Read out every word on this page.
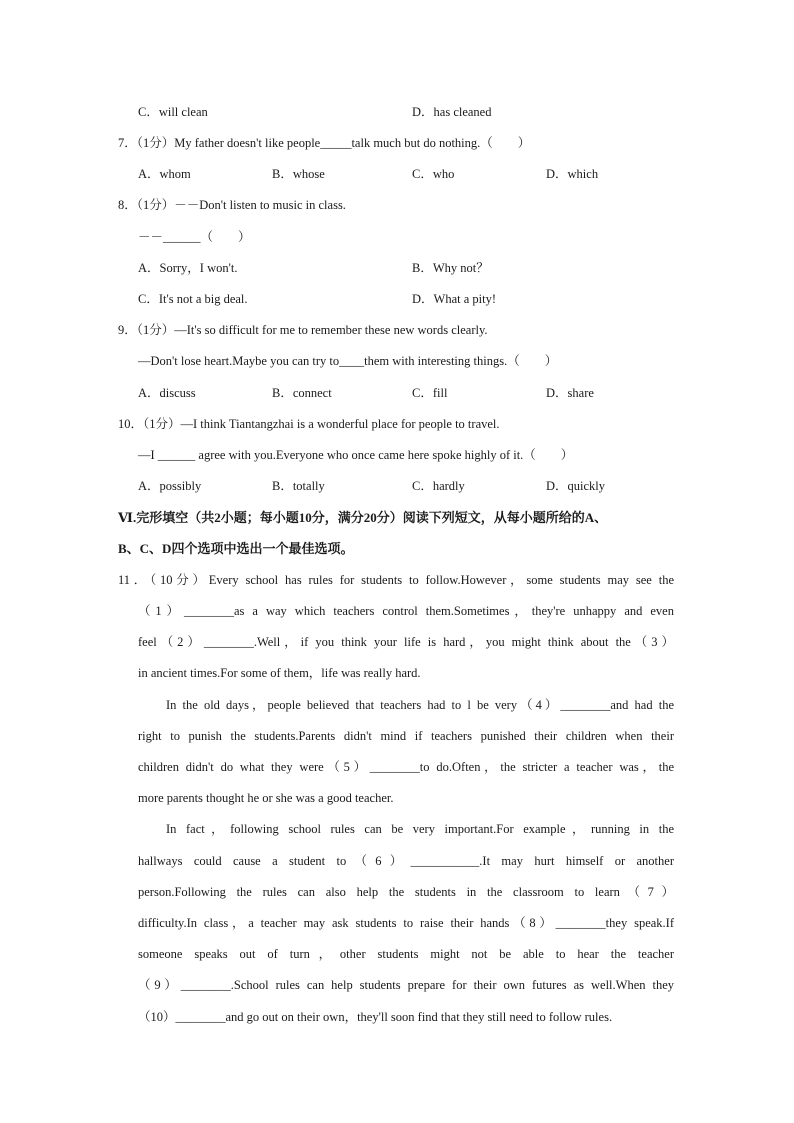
C．will clean	D．has cleaned
7．（1分）My father doesn't like people_____talk much but do nothing.（　　）
A．whom	B．whose	C．who	D．which
8．（1分）－－Don't listen to music in class.
－－______（　　）
A．Sorry，I won't.	B．Why not？
C．It's not a big deal.	D．What a pity!
9．（1分）—It's so difficult for me to remember these new words clearly.
—Don't lose heart.Maybe you can try to____them with interesting things.（　　）
A．discuss	B．connect	C．fill	D．share
10．（1分）—I think Tiantangzhai is a wonderful place for people to travel.
—I ______ agree with you.Everyone who once came here spoke highly of it.（　　）
A．possibly	B．totally	C．hardly	D．quickly
Ⅵ.完形填空（共2小题；每小题10分，满分20分）阅读下列短文，从每小题所给的A、
B、C、D四个选项中选出一个最佳选项。
11．（10分）Every school has rules for students to follow.However，some students may see the
（1）________as a way which teachers control them.Sometimes，they're unhappy and even
feel（2）________.Well，if you think your life is hard，you might think about the（3）
in ancient times.For some of them，life was really hard.
In the old days，people believed that teachers had to l be very（4）________and had the
right to punish the students.Parents didn't mind if teachers punished their children when their
children didn't do what they were（5）________to do.Often，the stricter a teacher was，the
more parents thought he or she was a good teacher.
In fact，following school rules can be very important.For example，running in the
hallways could cause a student to（6）___________.It may hurt himself or another
person.Following the rules can also help the students in the classroom to learn（7）
difficulty.In class，a teacher may ask students to raise their hands（8）________they speak.If
someone speaks out of turn，other students might not be able to hear the teacher
（9）________.School rules can help students prepare for their own futures as well.When they
（10）________and go out on their own，they'll soon find that they still need to follow rules.
